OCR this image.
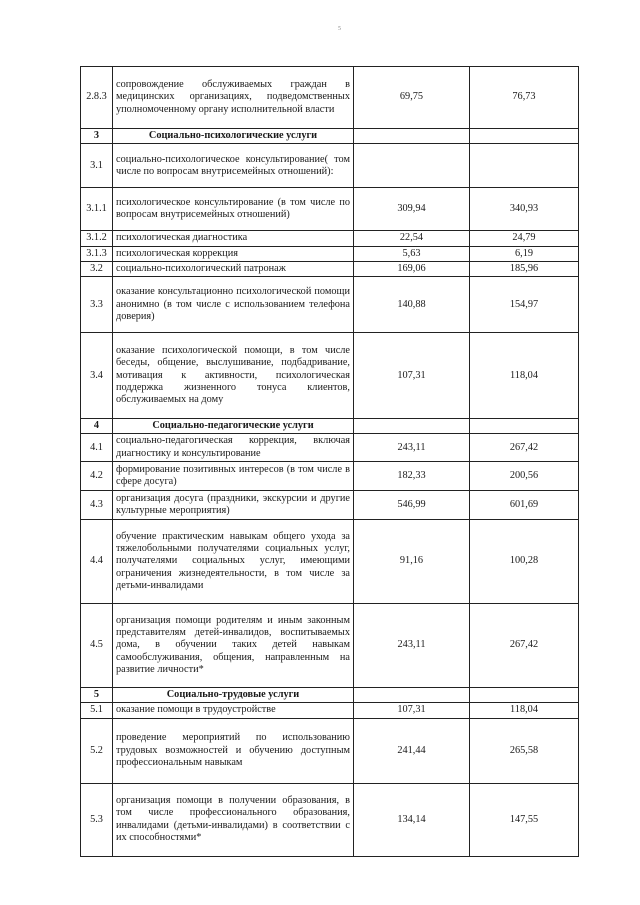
5
2.8.3	сопровождение обслуживаемых граждан в медицинских организациях, подведомственных уполномоченному органу исполнительной власти	69,75	76,73
3	Социально-психологические услуги		
3.1	социально-психологическое консультирование( том числе по вопросам внутрисемейных отношений):		
3.1.1	психологическое консультирование (в том числе по вопросам внутрисемейных отношений)	309,94	340,93
3.1.2	психологическая диагностика	22,54	24,79
3.1.3	психологическая коррекция	5,63	6,19
3.2	социально-психологический патронаж	169,06	185,96
3.3	оказание консультационно психологической помощи анонимно (в том числе с использованием телефона доверия)	140,88	154,97
3.4	оказание психологической помощи, в том числе беседы, общение, выслушивание, подбадривание, мотивация к активности, психологическая поддержка жизненного тонуса клиентов, обслуживаемых на дому	107,31	118,04
4	Социально-педагогические услуги		
4.1	социально-педагогическая коррекция, включая диагностику и консультирование	243,11	267,42
4.2	формирование позитивных интересов (в том числе в сфере досуга)	182,33	200,56
4.3	организация досуга (праздники, экскурсии и другие культурные мероприятия)	546,99	601,69
4.4	обучение практическим навыкам общего ухода за тяжелобольными получателями социальных услуг, получателями социальных услуг, имеющими ограничения жизнедеятельности, в том числе за детьми-инвалидами	91,16	100,28
4.5	организация помощи родителям и иным законным представителям детей-инвалидов, воспитываемых дома, в обучении таких детей навыкам самообслуживания, общения, направленным на развитие личности*	243,11	267,42
5	Социально-трудовые услуги		
5.1	оказание помощи в трудоустройстве	107,31	118,04
5.2	проведение мероприятий по использованию трудовых возможностей и обучению доступным профессиональным навыкам	241,44	265,58
5.3	организация помощи в получении образования, в том числе профессионального образования, инвалидами (детьми-инвалидами) в соответствии с их способностями*	134,14	147,55
